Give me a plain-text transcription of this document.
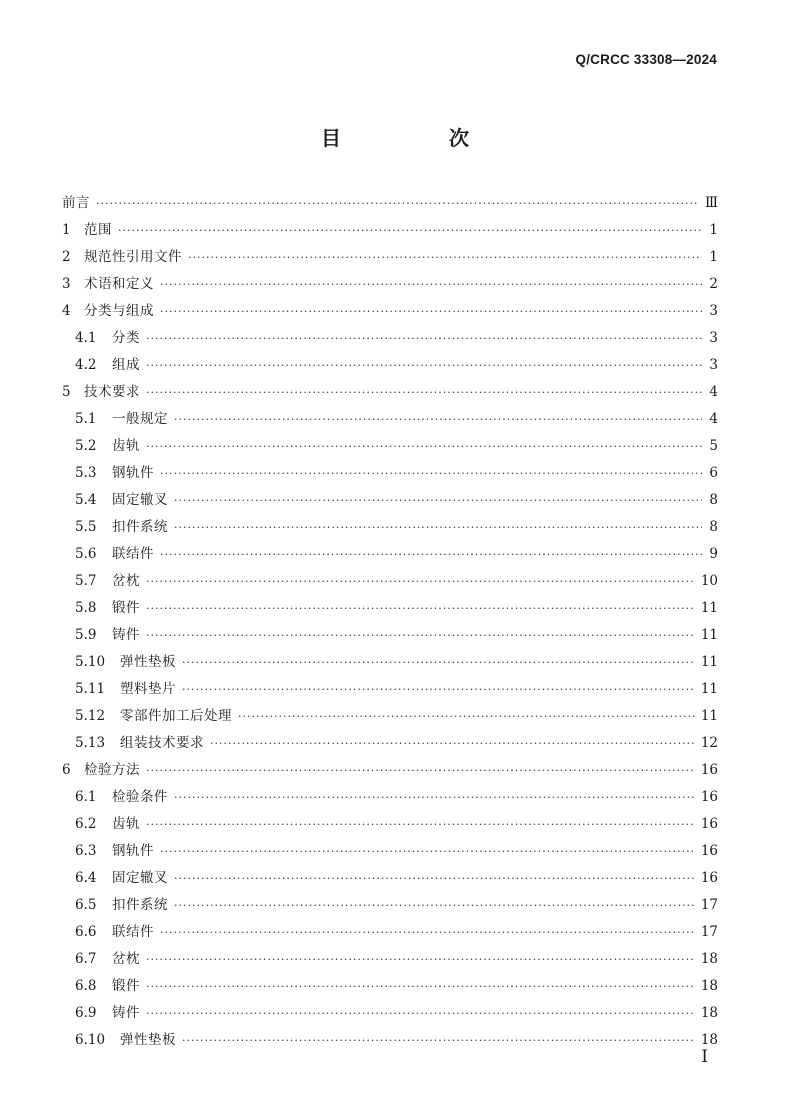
Q/CRCC 33308—2024
目　次
前言 ·····	Ⅲ
1 范围 ·····	1
2 规范性引用文件 ·····	1
3 术语和定义 ·····	2
4 分类与组成 ·····	3
4.1	分类 ·····	3
4.2	组成 ·····	3
5 技术要求 ·····	4
5.1	一般规定 ·····	4
5.2	齿轨 ·····	5
5.3	钢轨件 ·····	6
5.4	固定辙叉 ·····	8
5.5	扣件系统 ·····	8
5.6	联结件 ·····	9
5.7	岔枕 ·····	10
5.8	锻件 ·····	11
5.9	铸件 ·····	11
5.10	弹性垫板 ·····	11
5.11	塑料垫片 ·····	11
5.12	零部件加工后处理 ·····	11
5.13	组装技术要求 ·····	12
6 检验方法 ·····	16
6.1	检验条件 ·····	16
6.2	齿轨 ·····	16
6.3	钢轨件 ·····	16
6.4	固定辙叉 ·····	16
6.5	扣件系统 ·····	17
6.6	联结件 ·····	17
6.7	岔枕 ·····	18
6.8	锻件 ·····	18
6.9	铸件 ·····	18
6.10	弹性垫板 ·····	18
I
